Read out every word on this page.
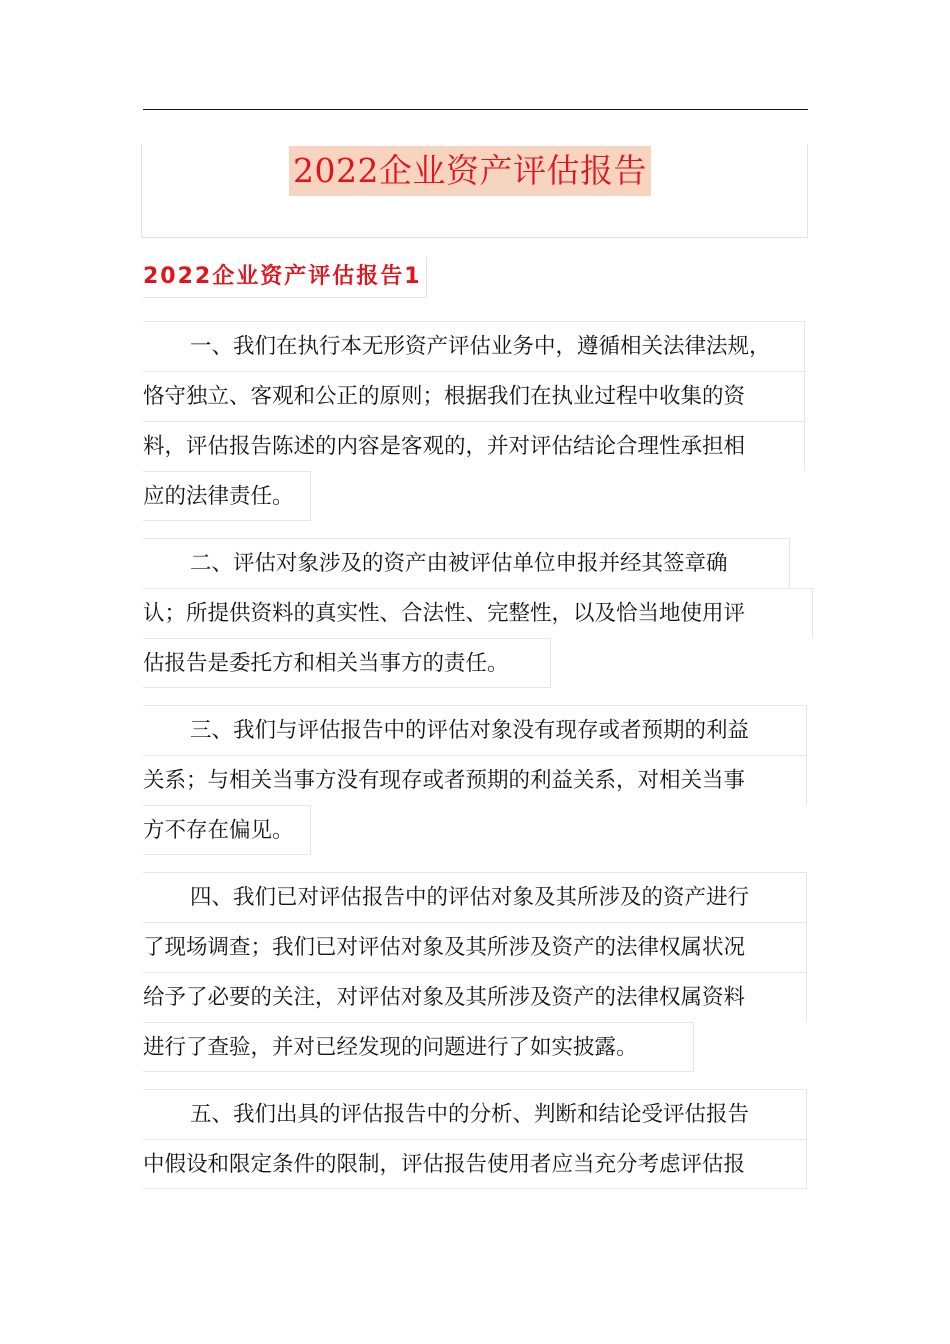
2022企业资产评估报告
2022企业资产评估报告1
一、我们在执行本无形资产评估业务中，遵循相关法律法规，
恪守独立、客观和公正的原则；根据我们在执业过程中收集的资
料，评估报告陈述的内容是客观的，并对评估结论合理性承担相
应的法律责任。
二、评估对象涉及的资产由被评估单位申报并经其签章确
认；所提供资料的真实性、合法性、完整性，以及恰当地使用评
估报告是委托方和相关当事方的责任。
三、我们与评估报告中的评估对象没有现存或者预期的利益
关系；与相关当事方没有现存或者预期的利益关系，对相关当事
方不存在偏见。
四、我们已对评估报告中的评估对象及其所涉及的资产进行
了现场调查；我们已对评估对象及其所涉及资产的法律权属状况
给予了必要的关注，对评估对象及其所涉及资产的法律权属资料
进行了查验，并对已经发现的问题进行了如实披露。
五、我们出具的评估报告中的分析、判断和结论受评估报告
中假设和限定条件的限制，评估报告使用者应当充分考虑评估报
